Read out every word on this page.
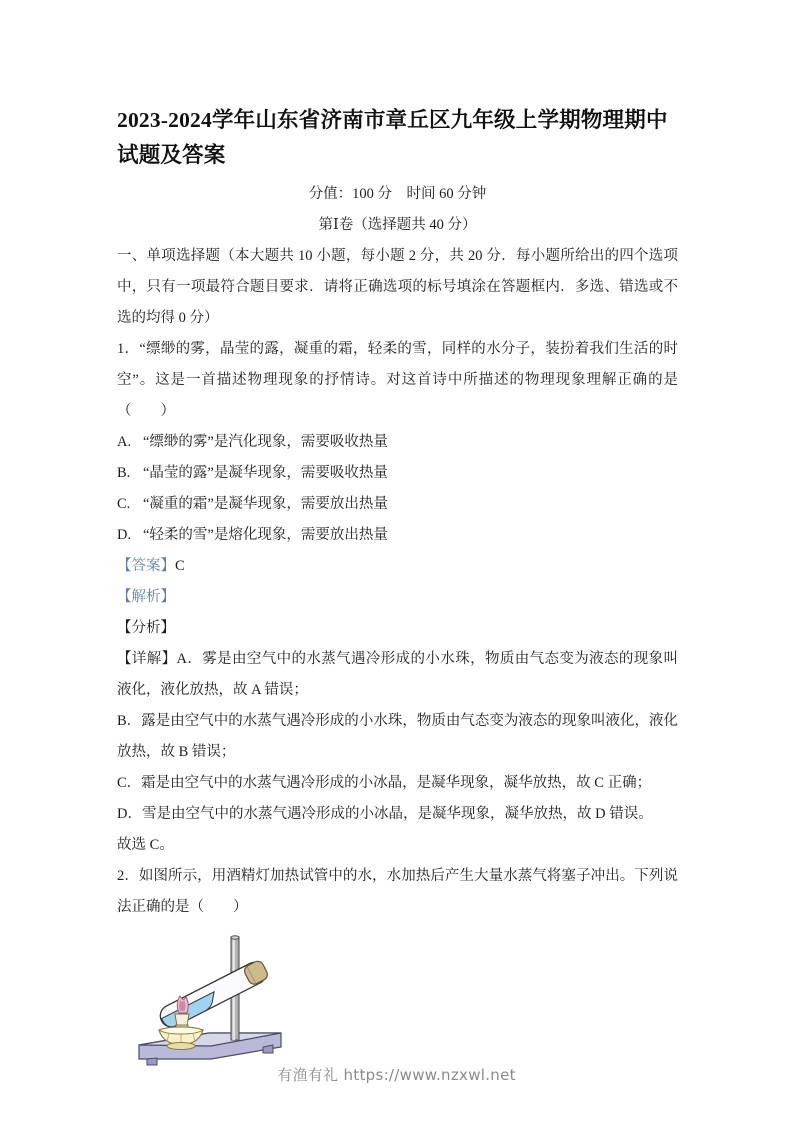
2023-2024学年山东省济南市章丘区九年级上学期物理期中试题及答案
分值：100 分　时间 60 分钟
第Ⅰ卷（选择题共 40 分）

一、单项选择题（本大题共 10 小题，每小题 2 分，共 20 分．每小题所给出的四个选项中，只有一项最符合题目要求．请将正确选项的标号填涂在答题框内．多选、错选或不选的均得 0 分）

1．“缥缈的雾，晶莹的露，凝重的霜，轻柔的雪，同样的水分子，装扮着我们生活的时空”。这是一首描述物理现象的抒情诗。对这首诗中所描述的物理现象理解正确的是（　　）

A. “缥缈的雾”是汽化现象，需要吸收热量
B. “晶莹的露”是凝华现象，需要吸收热量
C. “凝重的霜”是凝华现象，需要放出热量
D. “轻柔的雪”是熔化现象，需要放出热量
【答案】C
【解析】
【分析】

【详解】A．雾是由空气中的水蒸气遇冷形成的小水珠，物质由气态变为液态的现象叫液化，液化放热，故 A 错误；

B．露是由空气中的水蒸气遇冷形成的小水珠，物质由气态变为液态的现象叫液化，液化放热，故 B 错误；

C．霜是由空气中的水蒸气遇冷形成的小冰晶，是凝华现象，凝华放热，故 C 正确；

D．雪是由空气中的水蒸气遇冷形成的小冰晶，是凝华现象，凝华放热，故 D 错误。

故选 C。

2．如图所示，用酒精灯加热试管中的水，水加热后产生大量水蒸气将塞子冲出。下列说法正确的是（　　）

有渔有礼 https://www.nzxwl.net
